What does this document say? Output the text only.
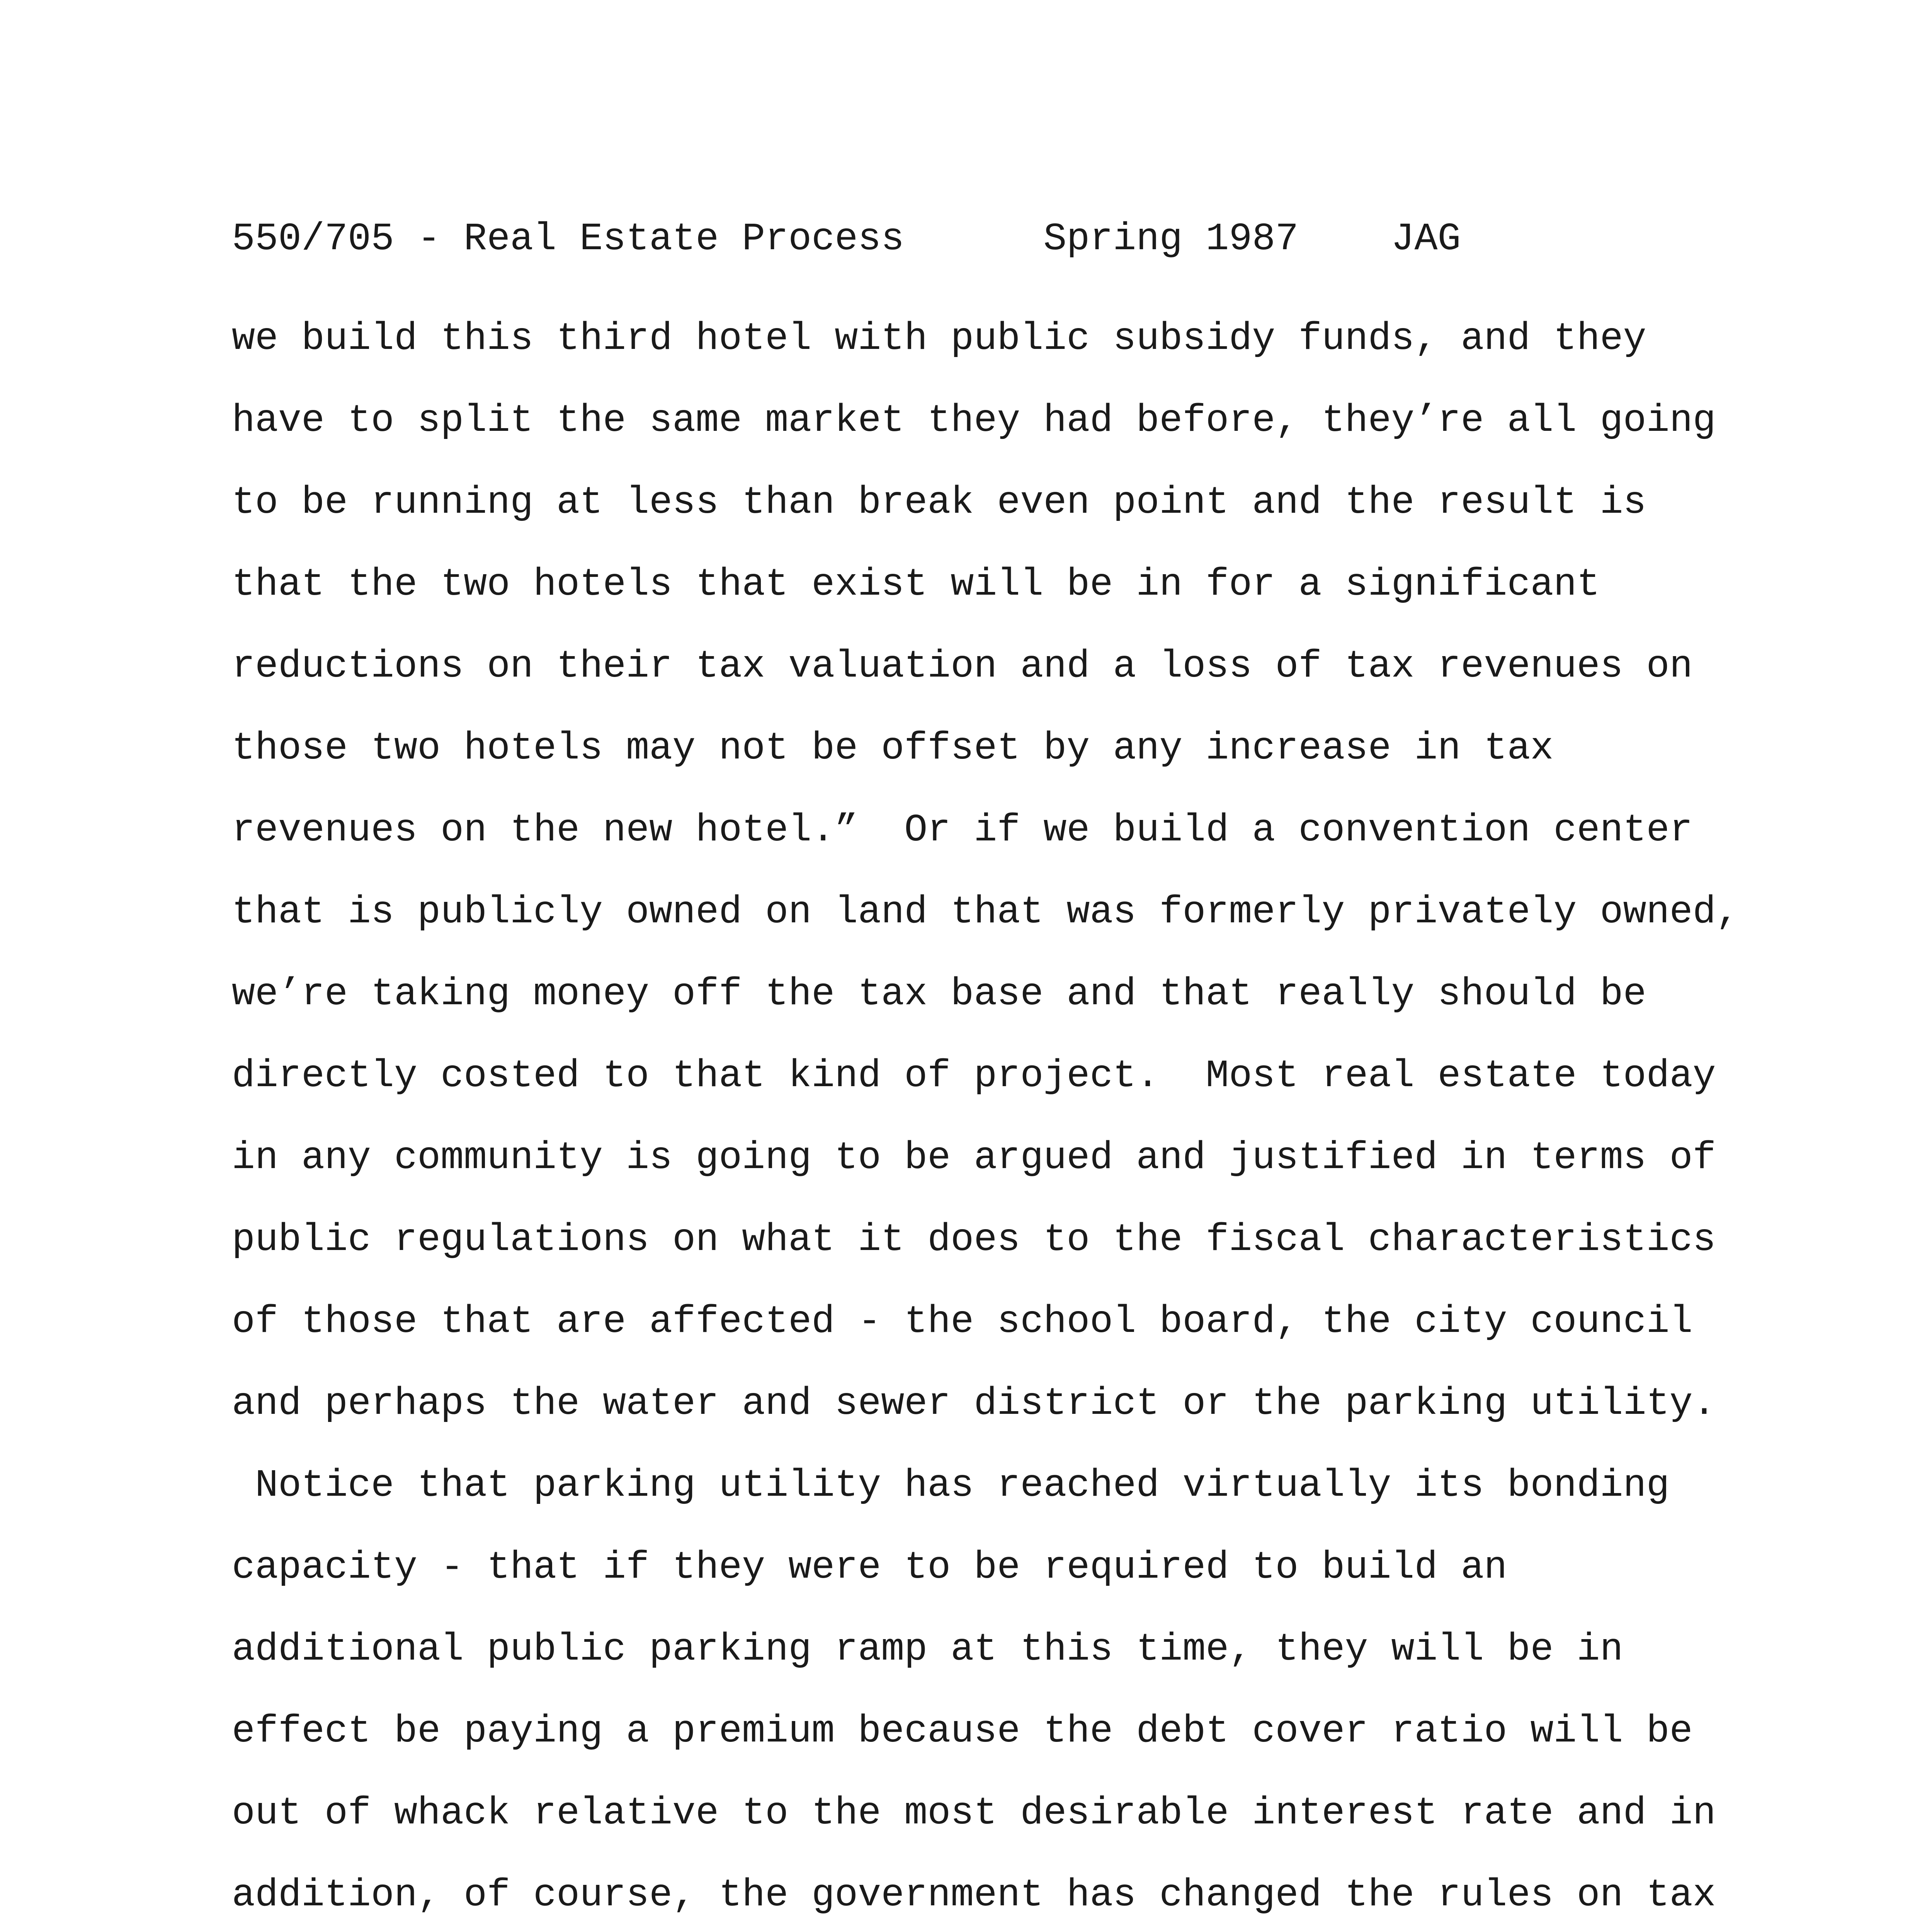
550/705 - Real Estate Process	Spring 1987 JAG
we build this third hotel with public subsidy funds, and they
have to split the same market they had before, they’re all going
to be running at less than break even point and the result is
that the two hotels that exist will be in for a significant
reductions on their tax valuation and a loss of tax revenues on
those two hotels may not be offset by any increase in tax
revenues on the new hotel.”  Or if we build a convention center
that is publicly owned on land that was formerly privately owned,
we’re taking money off the tax base and that really should be
directly costed to that kind of project.  Most real estate today
in any community is going to be argued and justified in terms of
public regulations on what it does to the fiscal characteristics
of those that are affected - the school board, the city council
and perhaps the water and sewer district or the parking utility.
Notice that parking utility has reached virtually its bonding
capacity - that if they were to be required to build an
additional public parking ramp at this time, they will be in
effect be paying a premium because the debt cover ratio will be
out of whack relative to the most desirable interest rate and in
addition, of course, the government has changed the rules on tax
